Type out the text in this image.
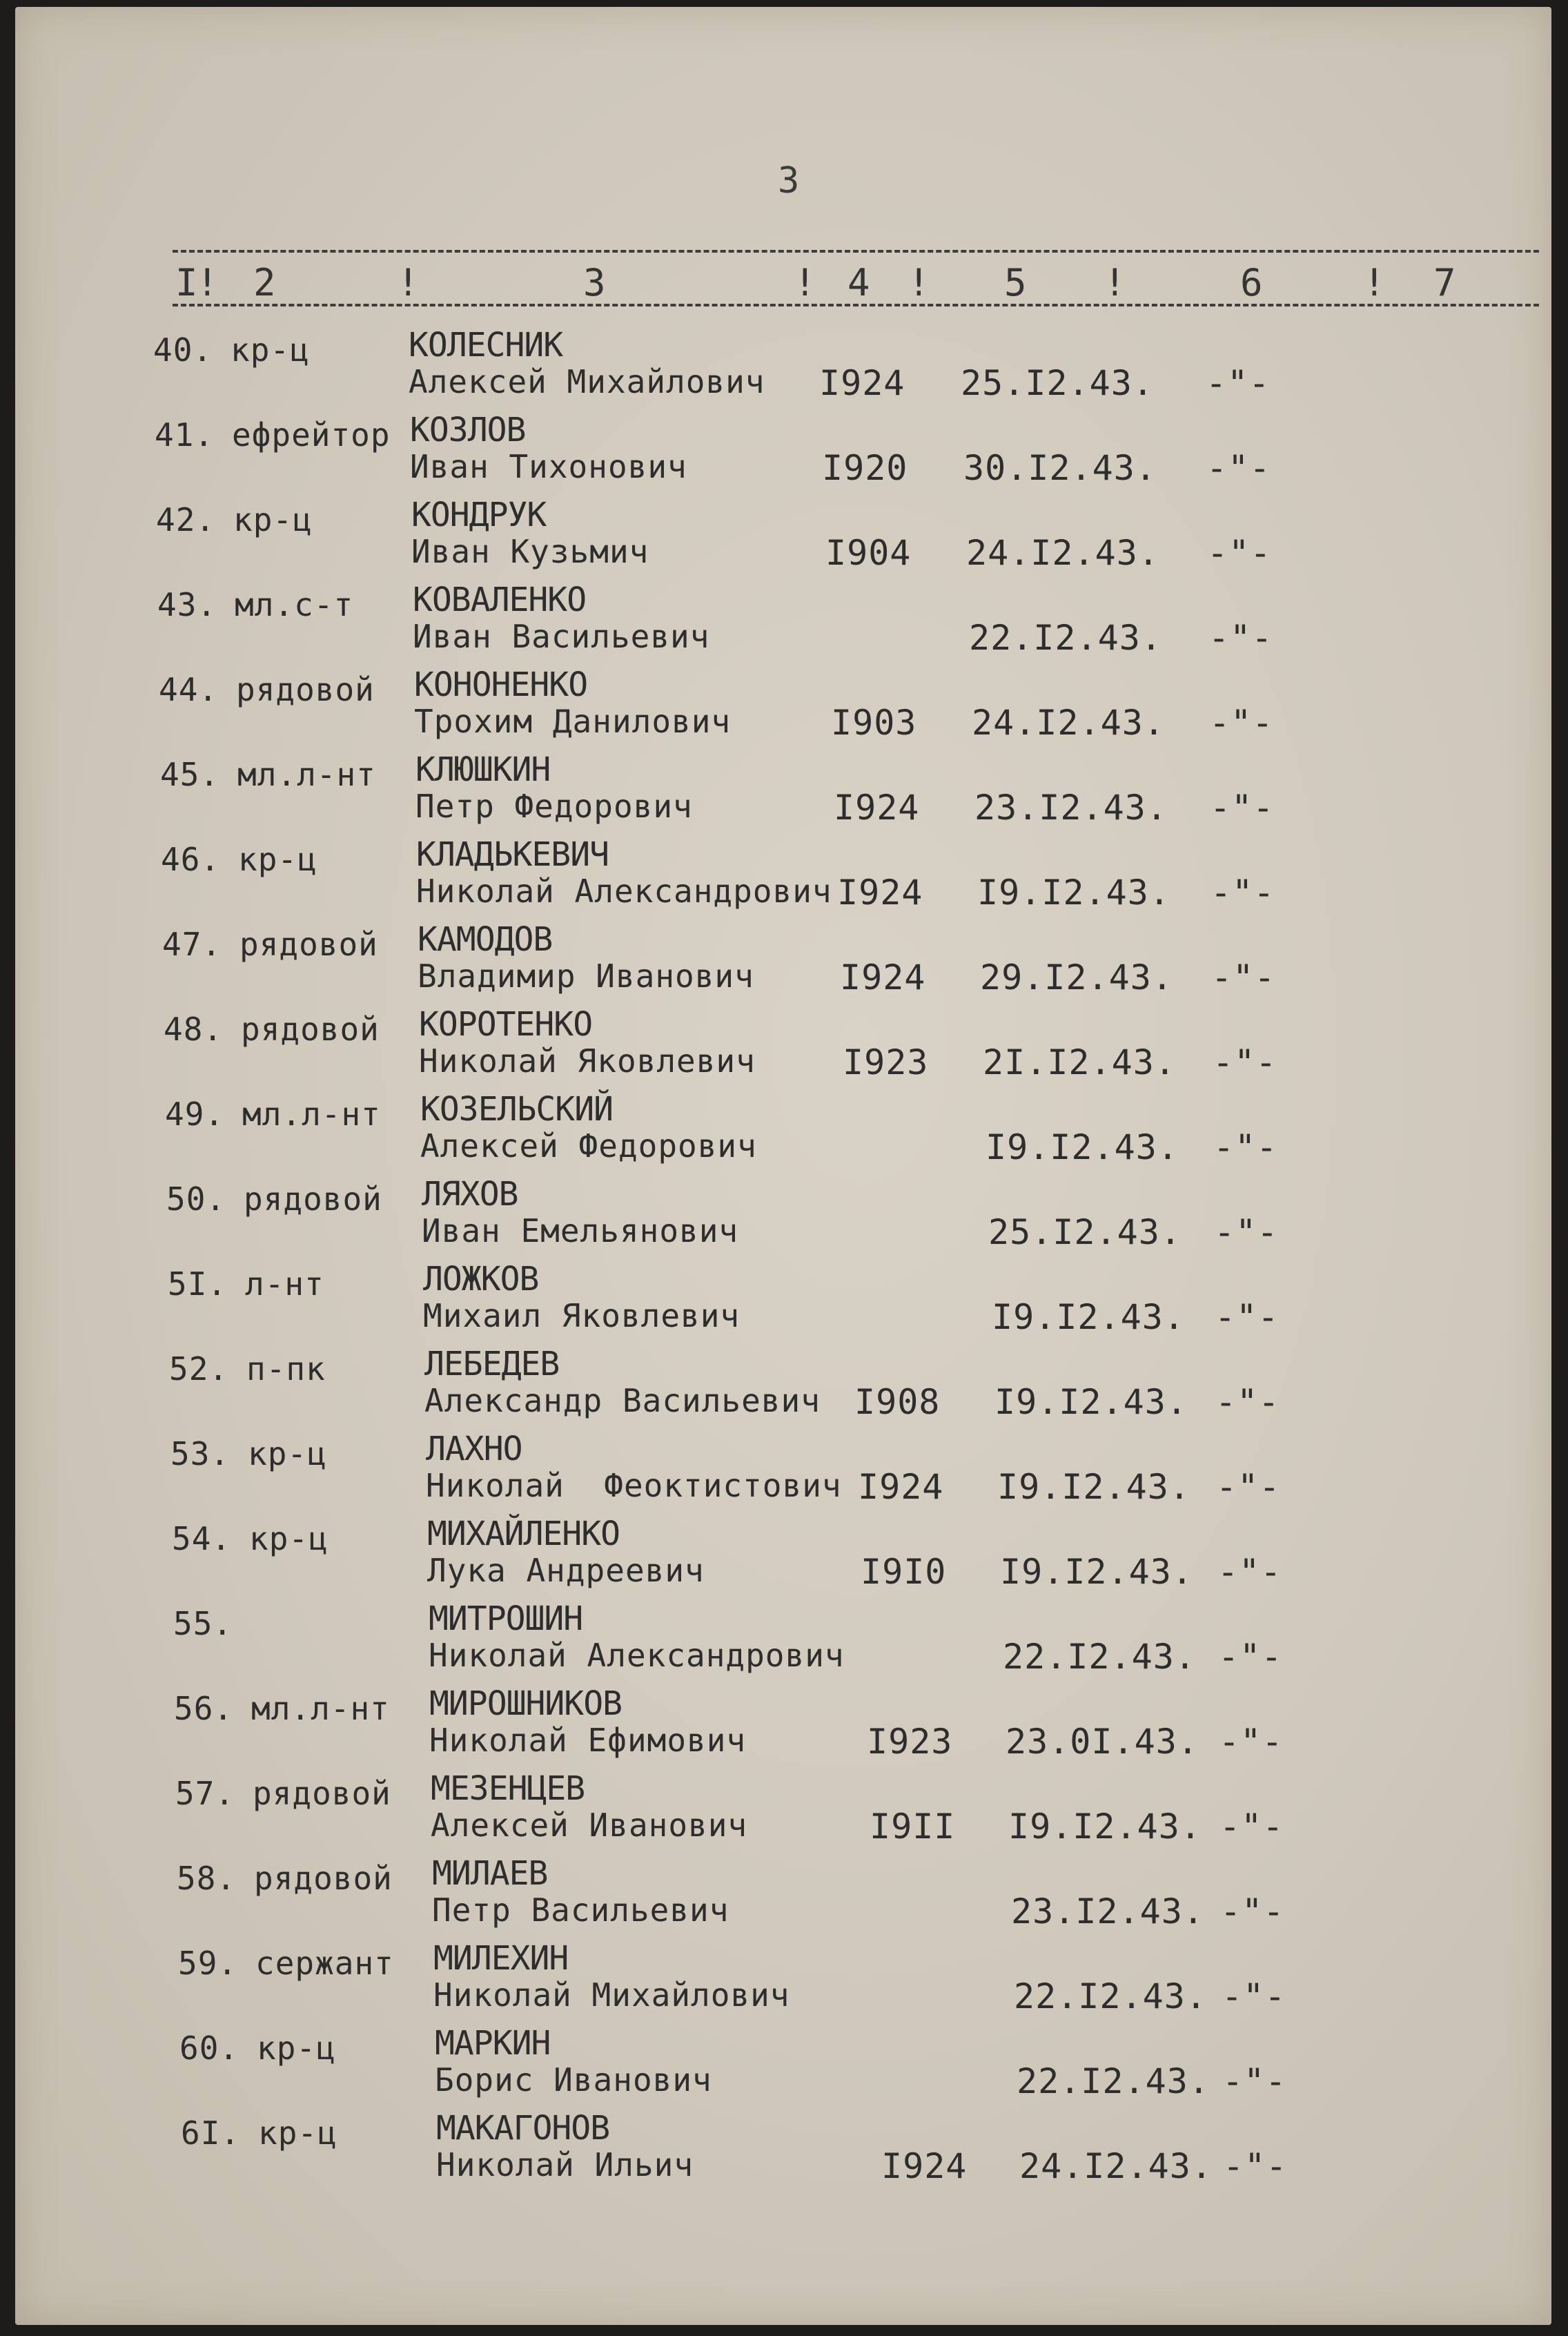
3
I 2	3	4	5	6	7
!	!	! !	!	!
40. кр-ц	КОЛЕСНИК
Алексей Михайлович I924 25.I2.43. -"-
41. ефрейтор КОЗЛОВ
Иван Тихонович	I920 30.I2.43. -"-
42. кр-ц	КОНДРУК
Иван Кузьмич	I904 24.I2.43. -"-
43. мл.с-т КОВАЛЕНКО
Иван Васильевич	22.I2.43. -"-
44. рядовой КОНОНЕНКО
Трохим Данилович	I903 24.I2.43. -"-
45. мл.л-нт КЛЮШКИН
Петр Федорович	I924 23.I2.43. -"-
46. кр-ц	КЛАДЬКЕВИЧ
Николай Александрович I924 I9.I2.43. -"-
47. рядовой КАМОДОВ
Владимир Иванович I924 29.I2.43. -"-
48. рядовой КОРОТЕНКО
Николай Яковлевич	I923 2I.I2.43. -"-
49. мл.л-нт КОЗЕЛЬСКИЙ
Алексей Федорович	I9.I2.43. -"-
50. рядовой ЛЯХОВ
Иван Емельянович	25.I2.43. -"-
5I. л-нт	ЛОЖКОВ
Михаил Яковлевич	I9.I2.43. -"-
52. п-пк	ЛЕБЕДЕВ
Александр Васильевич I908 I9.I2.43. -"-
53. кр-ц	ЛАХНО
Николай  Феоктистович I924 I9.I2.43. -"-
54. кр-ц	МИХАЙЛЕНКО
Лука Андреевич	I9I0 I9.I2.43. -"-
55.	МИТРОШИН
Николай Александрович	22.I2.43. -"-
56. мл.л-нт МИРОШНИКОВ
Николай Ефимович	I923 23.0I.43. -"-
57. рядовой МЕЗЕНЦЕВ
Алексей Иванович	I9II I9.I2.43. -"-
58. рядовой МИЛАЕВ
Петр Васильевич	23.I2.43. -"-
59. сержант МИЛЕХИН
Николай Михайлович	22.I2.43. -"-
60. кр-ц	МАРКИН
Борис Иванович	22.I2.43. -"-
6I. кр-ц	МАКАГОНОВ
Николай Ильич	I924 24.I2.43. -"-
